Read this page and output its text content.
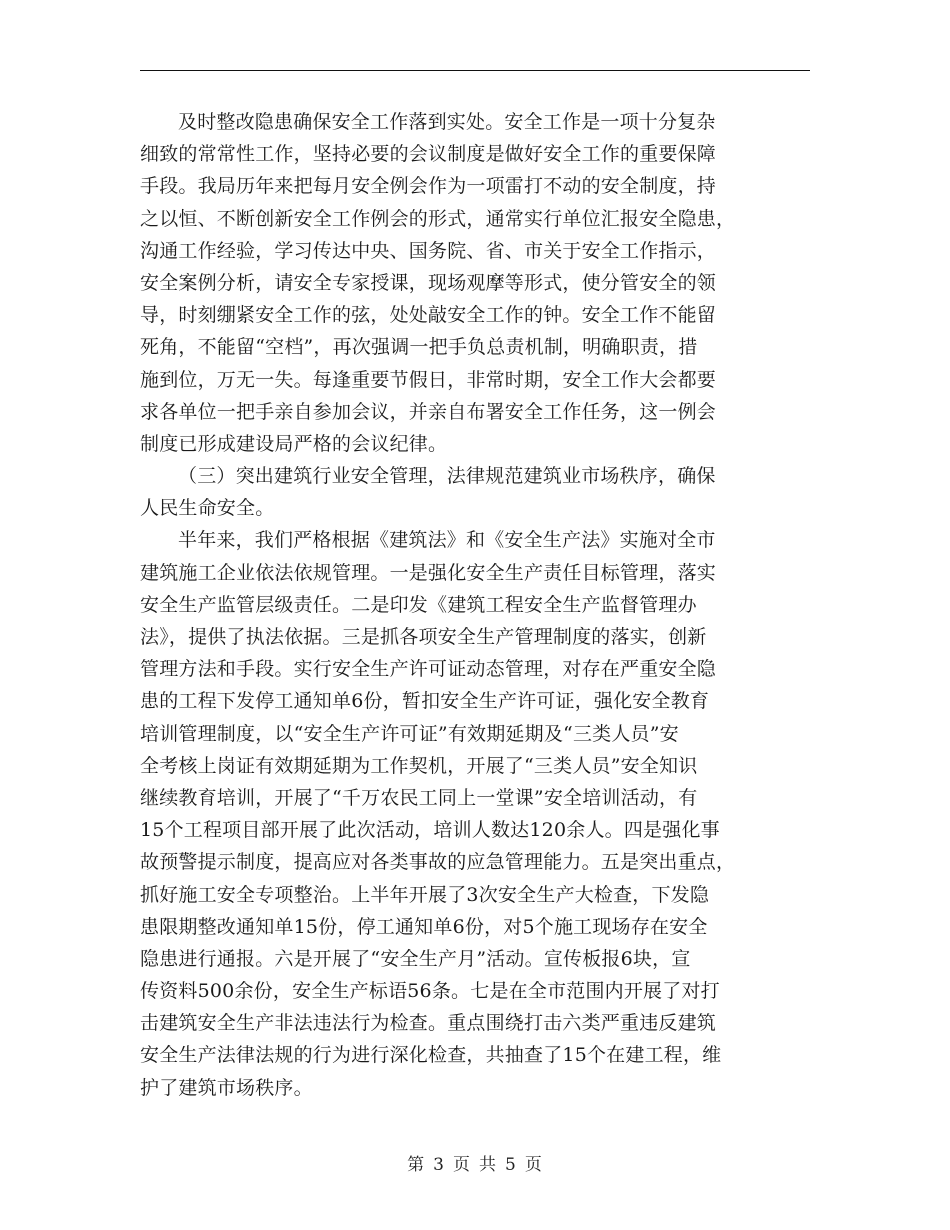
及时整改隐患确保安全工作落到实处。安全工作是一项十分复杂
细致的常常性工作，坚持必要的会议制度是做好安全工作的重要保障
手段。我局历年来把每月安全例会作为一项雷打不动的安全制度，持
之以恒、不断创新安全工作例会的形式，通常实行单位汇报安全隐患，
沟通工作经验，学习传达中央、国务院、省、市关于安全工作指示，
安全案例分析，请安全专家授课，现场观摩等形式，使分管安全的领
导，时刻绷紧安全工作的弦，处处敲安全工作的钟。安全工作不能留
死角，不能留“空档”，再次强调一把手负总责机制，明确职责，措
施到位，万无一失。每逢重要节假日，非常时期，安全工作大会都要
求各单位一把手亲自参加会议，并亲自布署安全工作任务，这一例会
制度已形成建设局严格的会议纪律。
（三）突出建筑行业安全管理，法律规范建筑业市场秩序，确保
人民生命安全。
半年来，我们严格根据《建筑法》和《安全生产法》实施对全市
建筑施工企业依法依规管理。一是强化安全生产责任目标管理，落实
安全生产监管层级责任。二是印发《建筑工程安全生产监督管理办
法》，提供了执法依据。三是抓各项安全生产管理制度的落实，创新
管理方法和手段。实行安全生产许可证动态管理，对存在严重安全隐
患的工程下发停工通知单6份，暂扣安全生产许可证，强化安全教育
培训管理制度，以“安全生产许可证”有效期延期及“三类人员”安
全考核上岗证有效期延期为工作契机，开展了“三类人员”安全知识
继续教育培训，开展了“千万农民工同上一堂课”安全培训活动，有
15个工程项目部开展了此次活动，培训人数达120余人。四是强化事
故预警提示制度，提高应对各类事故的应急管理能力。五是突出重点，
抓好施工安全专项整治。上半年开展了3次安全生产大检查，下发隐
患限期整改通知单15份，停工通知单6份，对5个施工现场存在安全
隐患进行通报。六是开展了“安全生产月”活动。宣传板报6块，宣
传资料500余份，安全生产标语56条。七是在全市范围内开展了对打
击建筑安全生产非法违法行为检查。重点围绕打击六类严重违反建筑
安全生产法律法规的行为进行深化检查，共抽查了15个在建工程，维
护了建筑市场秩序。
第 3 页 共 5 页
